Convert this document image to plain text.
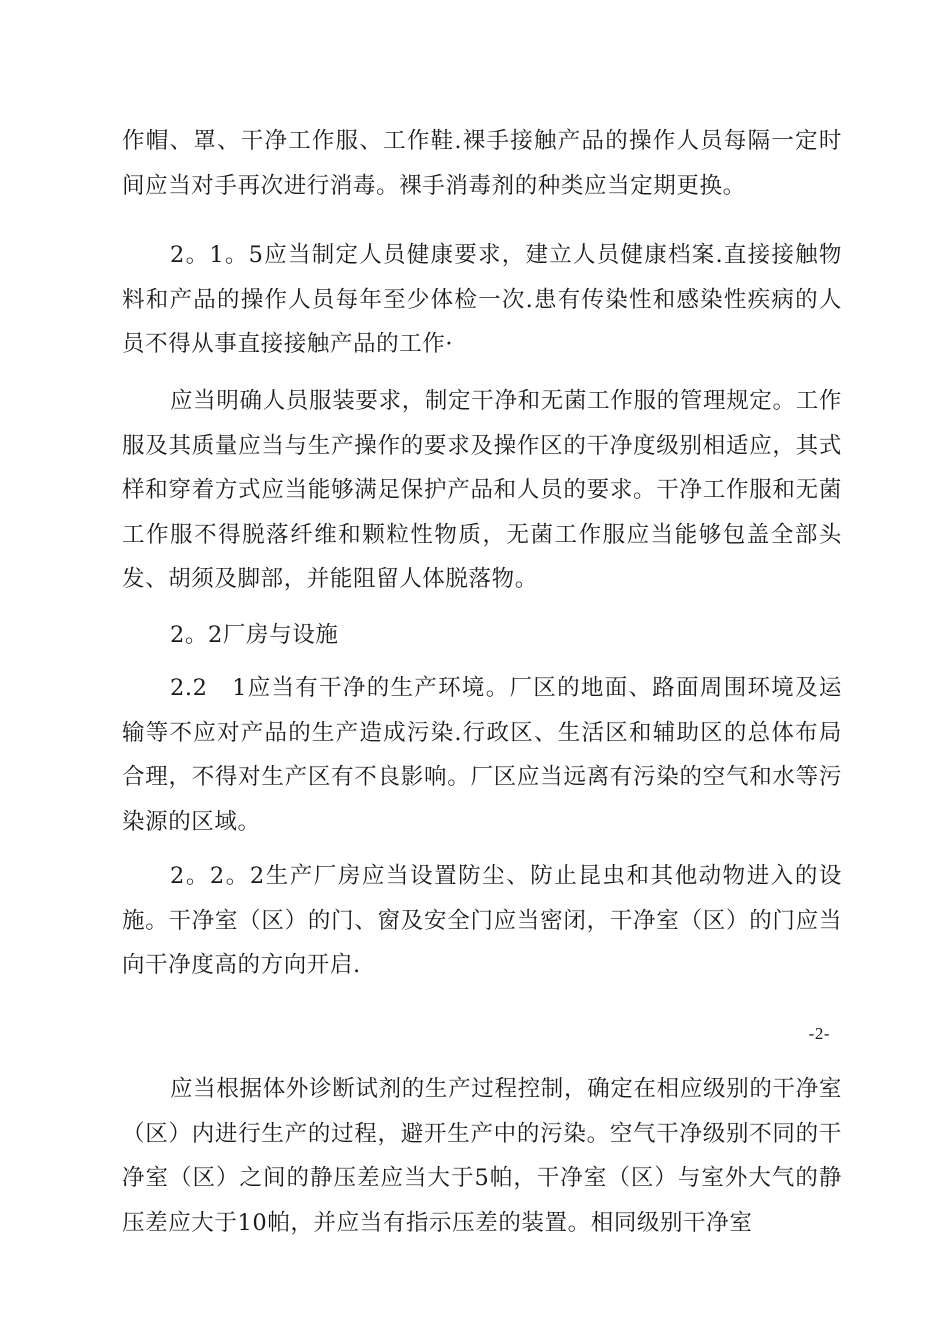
作帽、罩、干净工作服、工作鞋.裸手接触产品的操作人员每隔一定时间应当对手再次进行消毒。裸手消毒剂的种类应当定期更换。

2。1。5应当制定人员健康要求，建立人员健康档案.直接接触物料和产品的操作人员每年至少体检一次.患有传染性和感染性疾病的人员不得从事直接接触产品的工作·

应当明确人员服装要求，制定干净和无菌工作服的管理规定。工作服及其质量应当与生产操作的要求及操作区的干净度级别相适应，其式样和穿着方式应当能够满足保护产品和人员的要求。干净工作服和无菌工作服不得脱落纤维和颗粒性物质，无菌工作服应当能够包盖全部头发、胡须及脚部，并能阻留人体脱落物。

2。2厂房与设施

2.2　1应当有干净的生产环境。厂区的地面、路面周围环境及运输等不应对产品的生产造成污染.行政区、生活区和辅助区的总体布局合理，不得对生产区有不良影响。厂区应当远离有污染的空气和水等污染源的区域。

2。2。2生产厂房应当设置防尘、防止昆虫和其他动物进入的设施。干净室（区）的门、窗及安全门应当密闭，干净室（区）的门应当向干净度高的方向开启.

-2-

应当根据体外诊断试剂的生产过程控制，确定在相应级别的干净室（区）内进行生产的过程，避开生产中的污染。空气干净级别不同的干净室（区）之间的静压差应当大于5帕，干净室（区）与室外大气的静压差应大于10帕，并应当有指示压差的装置。相同级别干净室
